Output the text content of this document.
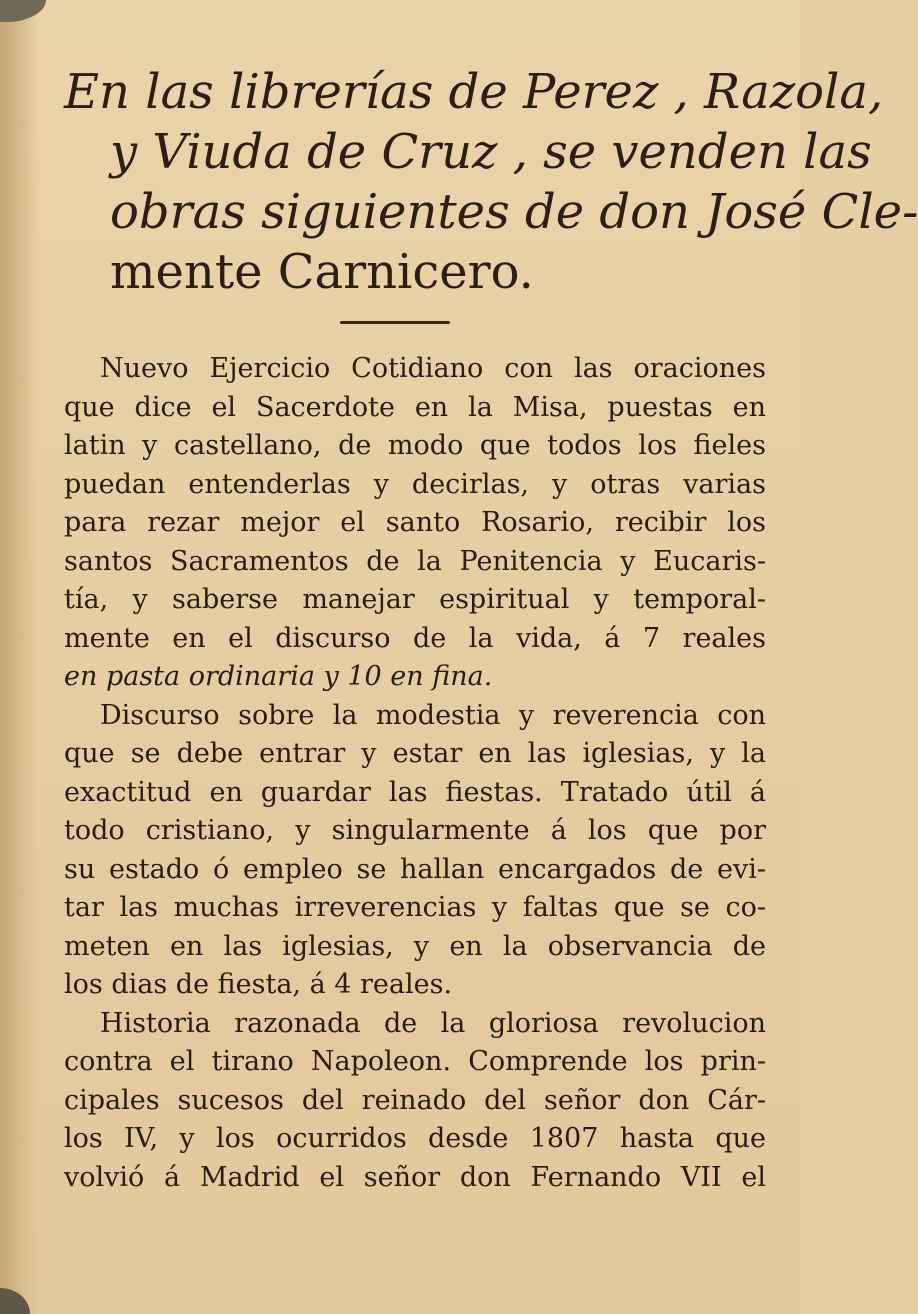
En las librerías de Perez , Razola,
y Viuda de Cruz , se venden las
obras siguientes de don José Cle-
mente Carnicero.
Nuevo Ejercicio Cotidiano con las oraciones
que dice el Sacerdote en la Misa, puestas en
latin y castellano, de modo que todos los fieles
puedan entenderlas y decirlas, y otras varias
para rezar mejor el santo Rosario, recibir los
santos Sacramentos de la Penitencia y Eucaris-
tía, y saberse manejar espiritual y temporal-
mente en el discurso de la vida, á 7 reales
en pasta ordinaria y 10 en fina.
Discurso sobre la modestia y reverencia con
que se debe entrar y estar en las iglesias, y la
exactitud en guardar las fiestas. Tratado útil á
todo cristiano, y singularmente á los que por
su estado ó empleo se hallan encargados de evi-
tar las muchas irreverencias y faltas que se co-
meten en las iglesias, y en la observancia de
los dias de fiesta, á 4 reales.
Historia razonada de la gloriosa revolucion
contra el tirano Napoleon. Comprende los prin-
cipales sucesos del reinado del señor don Cár-
los IV, y los ocurridos desde 1807 hasta que
volvió á Madrid el señor don Fernando VII el
